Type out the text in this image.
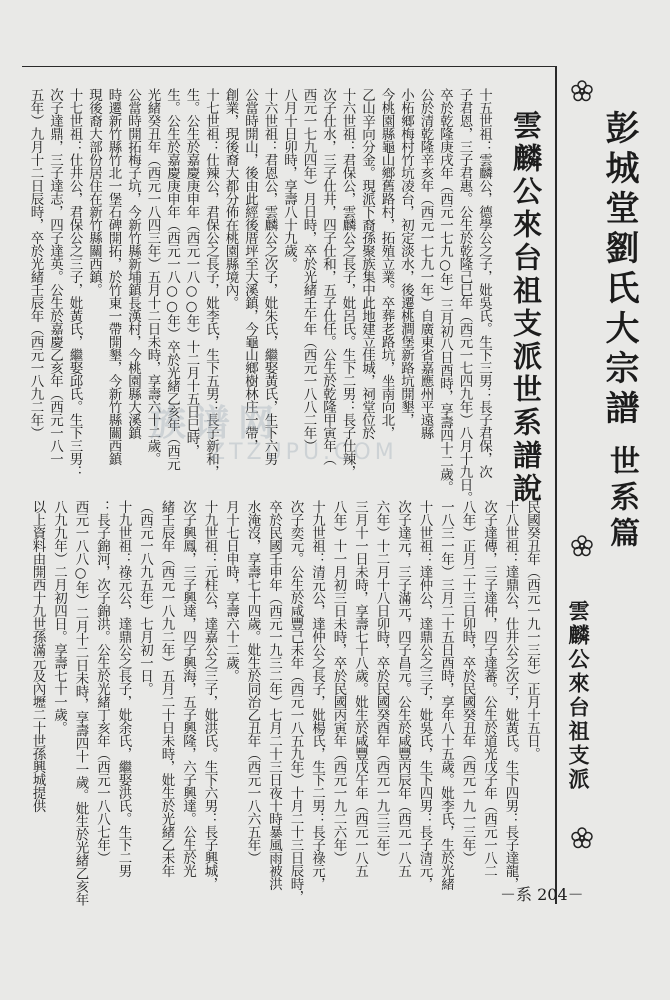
彭城堂劉氏大宗譜
世系篇
雲麟公來台祖支派
雲麟公來台祖支派世系譜說
十五世祖：雲麟公，德學公之子，妣吳氏。生下三男：長子君保，次
子君恩，三子君惠。公生於乾隆己巳年（西元一七四九年）八月十九日。
卒於乾隆庚戌年（西元一七九○年）三月初八日酉時，享壽四十二歲。
公於清乾隆辛亥年（西元一七九一年）自廣東省嘉應州平遠縣
小柘鄉梅村竹坑凌台，初定淡水，後遷桃澗堡新路坑開墾，
今桃園縣龜山鄉舊路村，拓殖立業。卒葬老路坑，坐南向北，
乙山辛向分金。現派下裔孫聚族集中此地建立佳城，祠堂位於
十六世祖：君保公，雲麟公之長子，妣呂氏。生下二男：長子仕辣，
次子仕水，三子仕井，四子仕和，五子仕任。公生於乾隆甲寅年（
西元一七九四年）月日時，卒於光緒壬午年（西元一八八二年）
八月十日卯時，享壽八十九歲。
十六世祖：君恩公，雲麟公之次子，妣朱氏，繼娶黃氏，生下六男
公當時開山，後由此經後厝坪至大溪鎮，今龜山鄉樹林庄一帶，
創業，現後裔大都分佈在桃園縣境內。
十七世祖：仕辣公，君保公之長子，妣李氏，生下五男：長子新和，
生。公生於嘉慶庚申年（西元一八○○年）十二月十五日巳時，
生。公生於嘉慶庚申年（西元一八○○年）卒於光緒乙亥年（西元
光緒癸丑年（西元一八四三年）五月十二日未時，享壽六十二歲。
公當時開拓梅子坑，今新竹縣新埔鎮長漢村，今桃園縣大溪鎮
時遷新竹縣竹北一堡石碑開拓，於竹東一帶開墾，今新竹縣關西鎮
現後裔大部份居住在新竹縣關西鎮。
十七世祖：仕井公，君保公之三子，妣黃氏，繼娶邱氏。生下三男：
次子達鼎，三子達志，四子達英。公生於嘉慶乙亥年（西元一八一
五年）九月十二日辰時，卒於光緒壬辰年（西元一八九二年）
民國癸丑年（西元一九一三年）正月十五日。
十八世祖：達鼎公，仕井公之次子，妣黃氏。生下四男：長子達龍，
次子達傳，三子達仲，四子達蕃。公生於道光戊子年（西元一八二
八年）正月二十三日卯時，卒於民國癸丑年（西元一九一三年）
一八三一年）三月二十五日酉時，享年八十五歲。妣李氏，生於光緒
十八世祖：達仲公，達鼎公之三子，妣吳氏，生下四男：長子清元，
次子達元，三子滿元，四子昌元。公生於咸豐丙辰年（西元一八五
六年）十二月十八日卯時，卒於民國癸酉年（西元一九三三年）
三月十一日未時，享壽七十八歲。妣生於咸豐戊午年（西元一八五
八年）十一月初三日未時，卒於民國丙寅年（西元一九二六年）
十九世祖：清元公，達仲公之長子，妣楊氏，生下二男：長子祿元，
次子奕元。公生於咸豐己未年（西元一八五九年）十月二十三日辰時，
卒於民國壬申年（西元一九三二年）七月二十三日夜十時暴風雨被洪
水淹沒，享壽七十四歲。妣生於同治乙丑年（西元一八六五年）
月十七日申時，享壽六十二歲。
十九世祖：元柱公，達嘉公之三子，妣洪氏。生下六男：長子興城，
次子興鳳，三子興達，四子興海，五子興隆，六子興達。公生於光
緒壬辰年（西元一八九二年）五月二十日未時，妣生於光緒乙未年
（西元一八九五年）七月初一日。
十九世祖：祿元公，達鼎公之長子，妣余氏，繼娶洪氏。生下二男
：長子錦河，次子錦洪。公生於光緒丁亥年（西元一八八七年）
西元一八八○年）二月十二日未時，享壽四十一歲。妣生於光緒乙亥年
八九九年）二月初四日。享壽七十一歲。
以上資料由開西十九世孫滿元及內壢二十世孫興城提供
族谱网
ZTZUPU.COM
－系 204－
